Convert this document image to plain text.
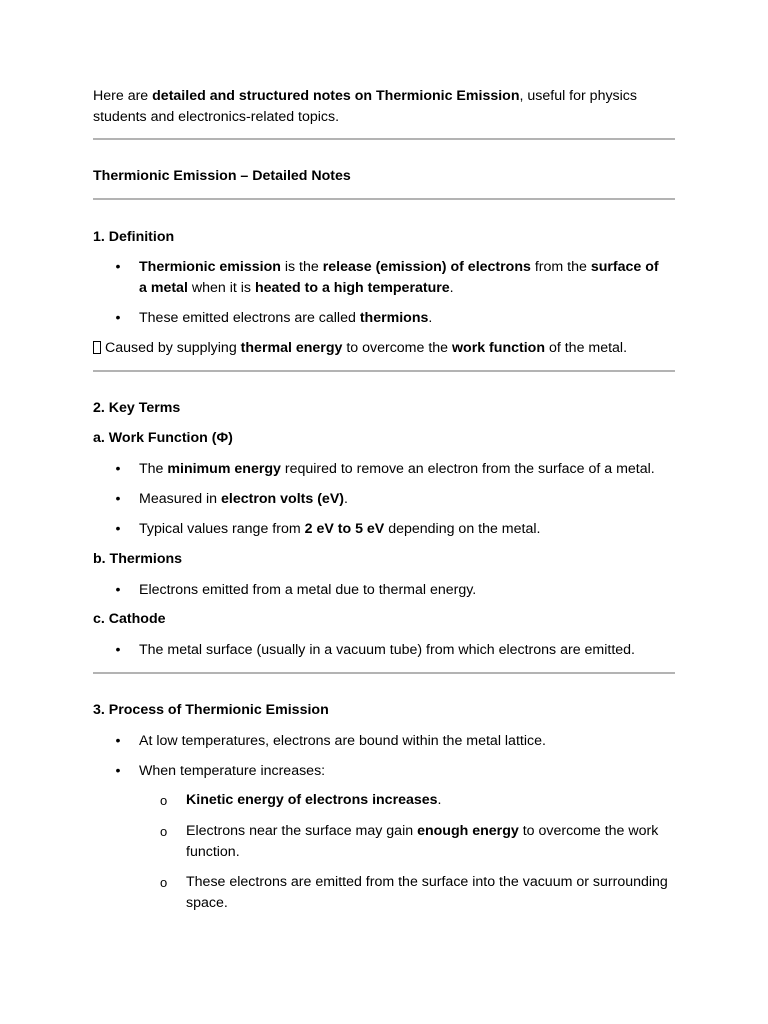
Here are detailed and structured notes on Thermionic Emission, useful for physics students and electronics-related topics.

Thermionic Emission – Detailed Notes

1. Definition

• Thermionic emission is the release (emission) of electrons from the surface of a metal when it is heated to a high temperature.

• These emitted electrons are called thermions.

Caused by supplying thermal energy to overcome the work function of the metal.

2. Key Terms

a. Work Function (Φ)

• The minimum energy required to remove an electron from the surface of a metal.

• Measured in electron volts (eV).

• Typical values range from 2 eV to 5 eV depending on the metal.

b. Thermions

• Electrons emitted from a metal due to thermal energy.

c. Cathode

• The metal surface (usually in a vacuum tube) from which electrons are emitted.

3. Process of Thermionic Emission

• At low temperatures, electrons are bound within the metal lattice.

• When temperature increases:

o Kinetic energy of electrons increases.

o Electrons near the surface may gain enough energy to overcome the work function.

o These electrons are emitted from the surface into the vacuum or surrounding space.
